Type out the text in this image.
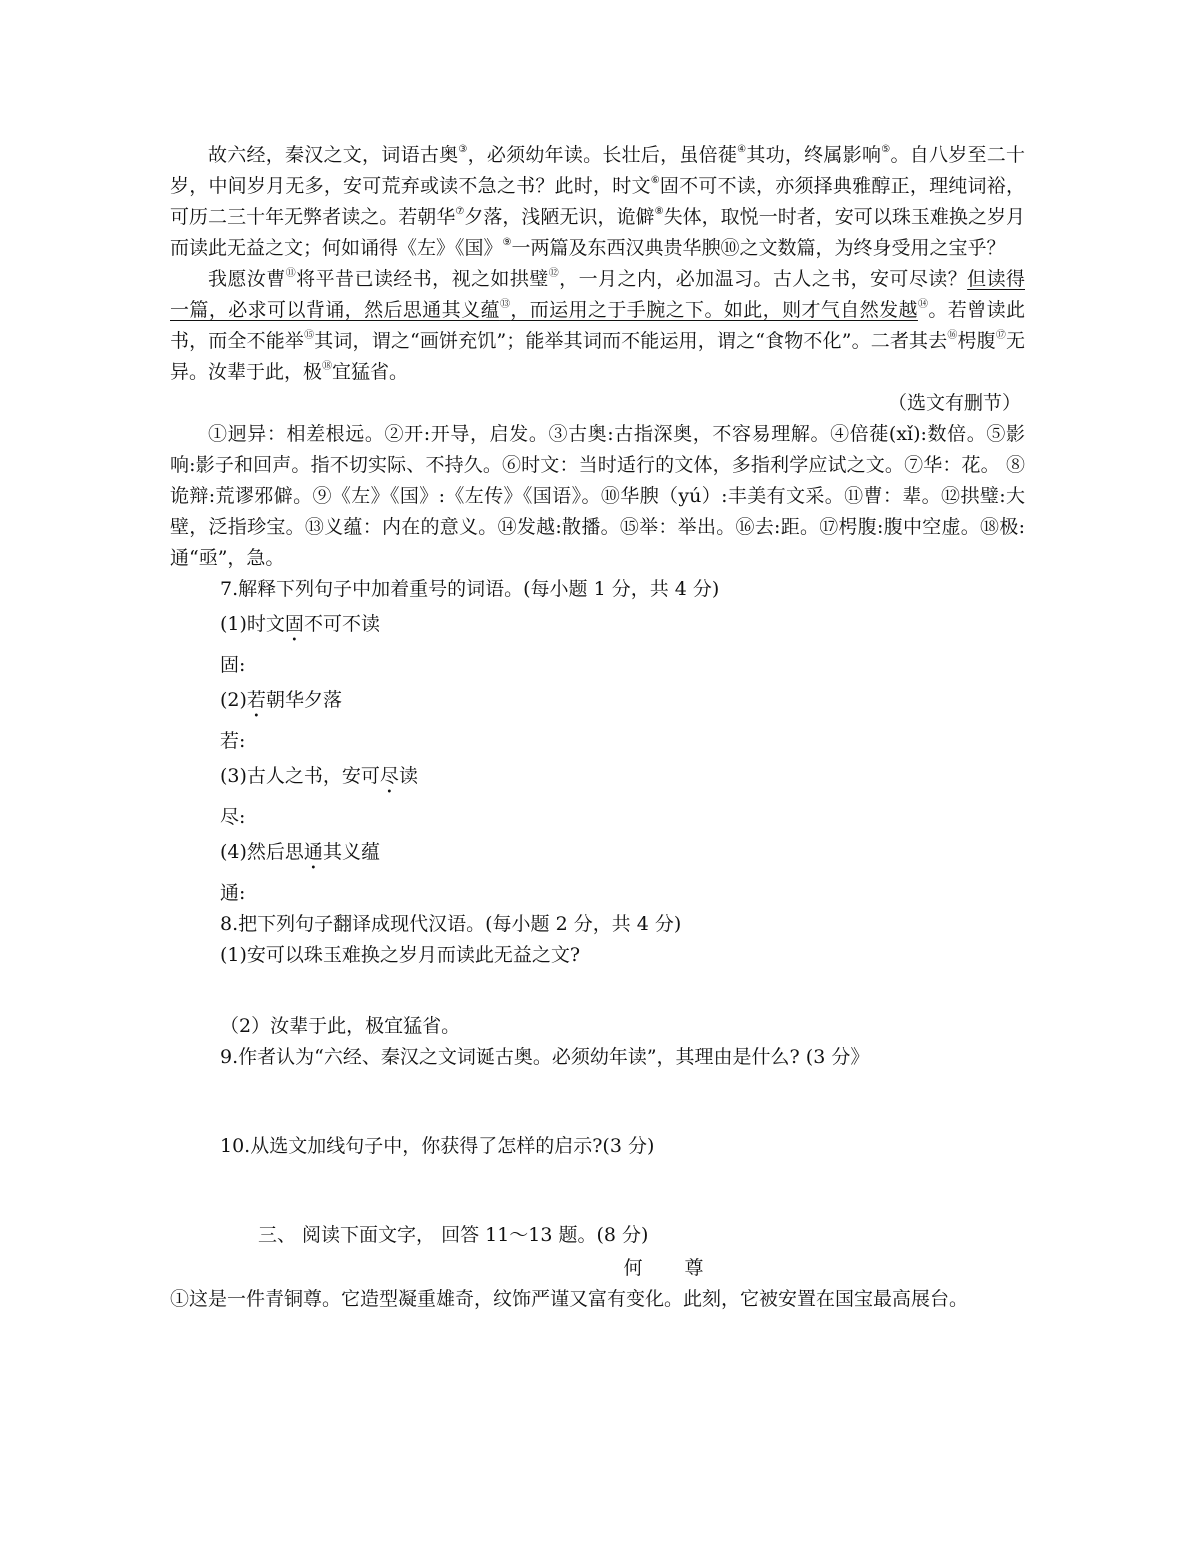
故六经，秦汉之文，词语古奥③，必须幼年读。长壮后，虽倍蓰④其功，终属影响⑤。自八岁至二十岁，中间岁月无多，安可荒弃或读不急之书？此时，时文⑥固不可不读，亦须择典雅醇正，理纯词裕，可历二三十年无弊者读之。若朝华⑦夕落，浅陋无识，诡僻⑧失体，取悦一时者，安可以珠玉难换之岁月而读此无益之文；何如诵得《左》《国》⑨一两篇及东西汉典贵华腴⑩之文数篇，为终身受用之宝乎？

我愿汝曹⑪将平昔已读经书，视之如拱璧⑫，一月之内，必加温习。古人之书，安可尽读？但读得一篇，必求可以背诵，然后思通其义蕴⑬，而运用之于手腕之下。如此，则才气自然发越⑭。若曾读此书，而全不能举⑮其词，谓之“画饼充饥”；能举其词而不能运用，谓之“食物不化”。二者其去⑯枵腹⑰无异。汝辈于此，极⑱宜猛省。

（选文有删节）

①迥异：相差根远。②开:开导，启发。③古奥:古指深奥，不容易理解。④倍蓰(xǐ):数倍。⑤影响:影子和回声。指不切实际、不持久。⑥时文：当时适行的文体，多指利学应试之文。⑦华：花。 ⑧诡辩:荒谬邪僻。⑨《左》《国》:《左传》《国语》。⑩华腴（yú）:丰美有文采。⑪曹：辈。⑫拱璧:大壁，泛指珍宝。⑬义蕴：内在的意义。⑭发越:散播。⑮举：举出。⑯去:距。⑰枵腹:腹中空虚。⑱极:通“亟”，急。

7.解释下列句子中加着重号的词语。(每小题 1 分，共 4 分)

(1)时文固不可不读

固:

(2)若朝华夕落

若:

(3)古人之书，安可尽读

尽:

(4)然后思通其义蕴

通:

8.把下列句子翻译成现代汉语。(每小题 2 分，共 4 分)

(1)安可以珠玉难换之岁月而读此无益之文?

（2）汝辈于此，极宜猛省。

9.作者认为“六经、秦汉之文词诞古奥。必须幼年读”，其理由是什么? (3 分》

10.从选文加线句子中，你获得了怎样的启示?(3 分)

三、 阅读下面文字， 回答 11～13 题。(8 分)

何 尊

①这是一件青铜尊。它造型凝重雄奇，纹饰严谨又富有变化。此刻，它被安置在国宝最高展台。
